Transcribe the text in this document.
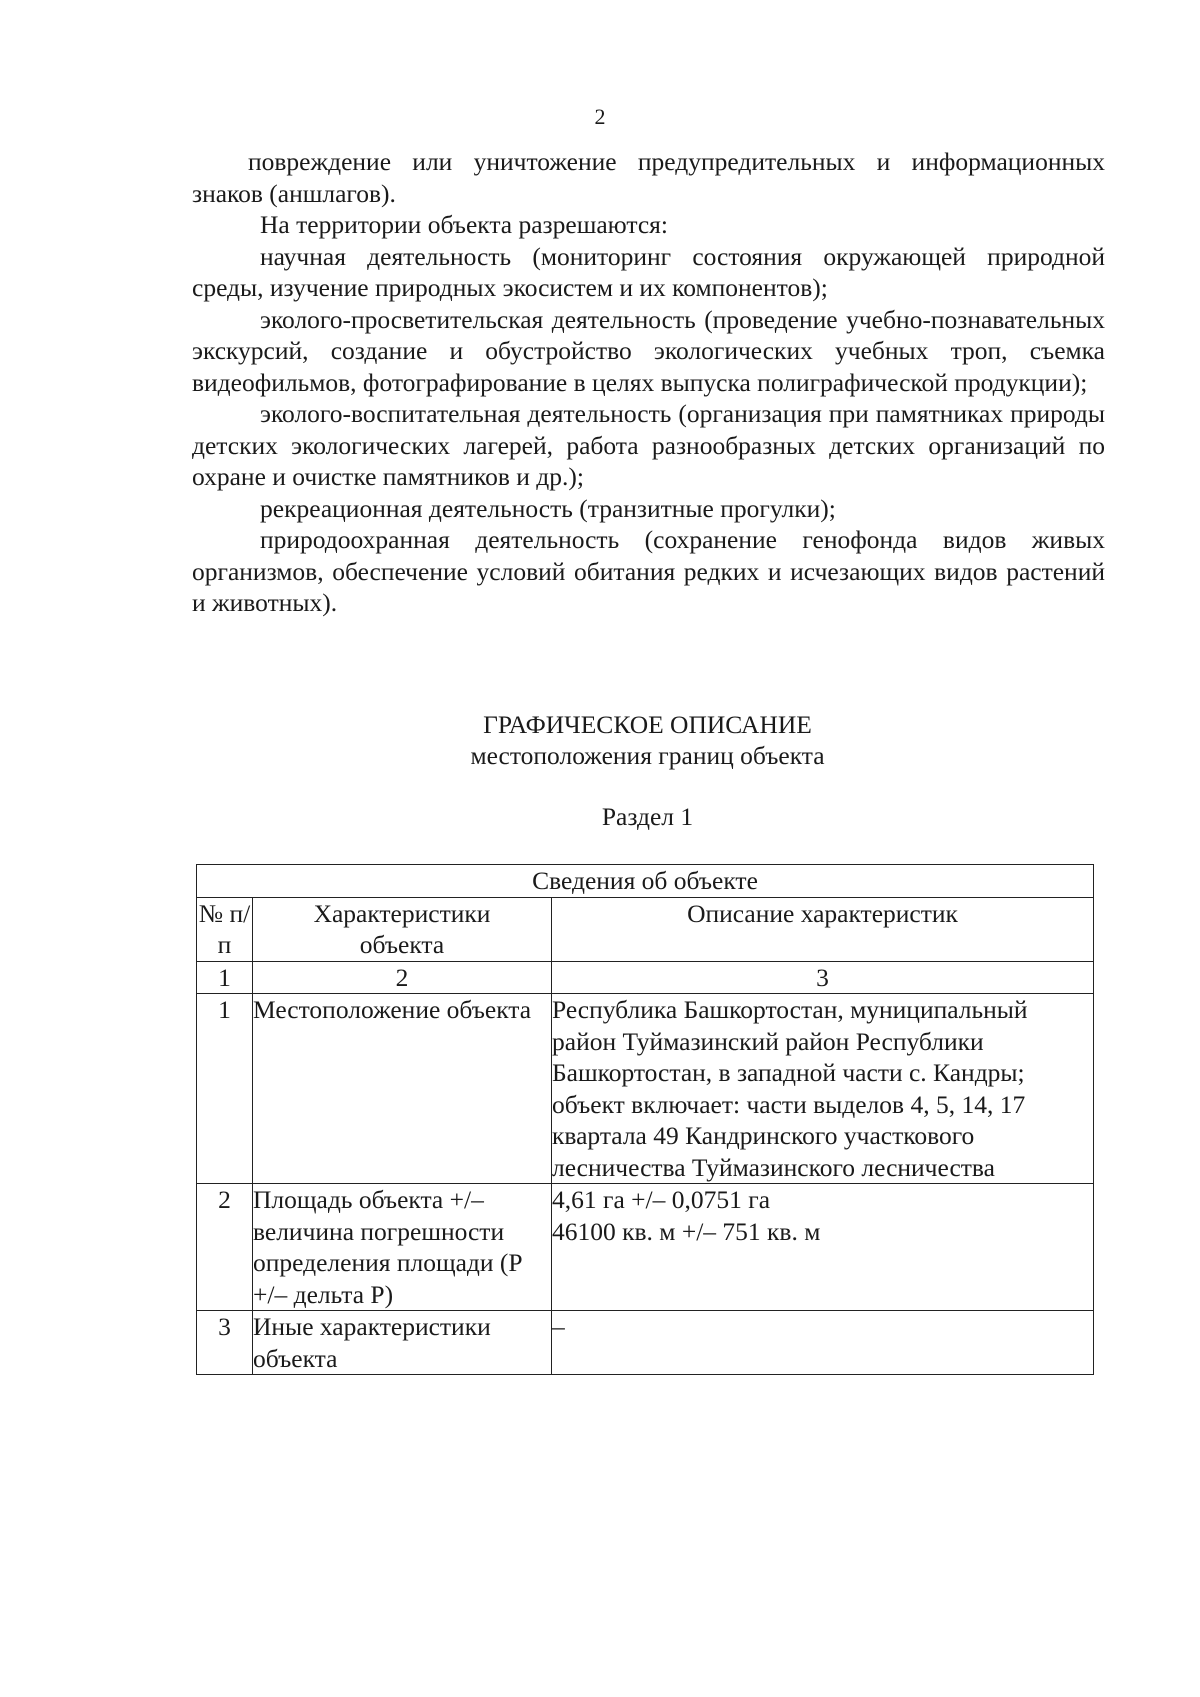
2

повреждение или уничтожение предупредительных и информационных знаков (аншлагов).

На территории объекта разрешаются:

научная деятельность (мониторинг состояния окружающей природной среды, изучение природных экосистем и их компонентов);

эколого-просветительская деятельность (проведение учебно-познавательных экскурсий, создание и обустройство экологических учебных троп, съемка видеофильмов, фотографирование в целях выпуска полиграфической продукции);

эколого-воспитательная деятельность (организация при памятниках природы детских экологических лагерей, работа разнообразных детских организаций по охране и очистке памятников и др.);

рекреационная деятельность (транзитные прогулки);

природоохранная деятельность (сохранение генофонда видов живых организмов, обеспечение условий обитания редких и исчезающих видов растений и животных).

ГРАФИЧЕСКОЕ ОПИСАНИЕ
местоположения границ объекта
Раздел 1
Сведения об объекте		
№ п/п	Характеристики объекта	Описание характеристик
1	2	3
1	Местоположение объекта	Республика Башкортостан, муниципальный район Туймазинский район Республики Башкортостан, в западной части с. Кандры; объект включает: части выделов 4, 5, 14, 17 квартала 49 Кандринского участкового лесничества Туймазинского лесничества
2	Площадь объекта +/– величина погрешности определения площади (Р +/– дельта Р)	4,61 га +/– 0,0751 га
46100 кв. м +/– 751 кв. м
3	Иные характеристики объекта	–
